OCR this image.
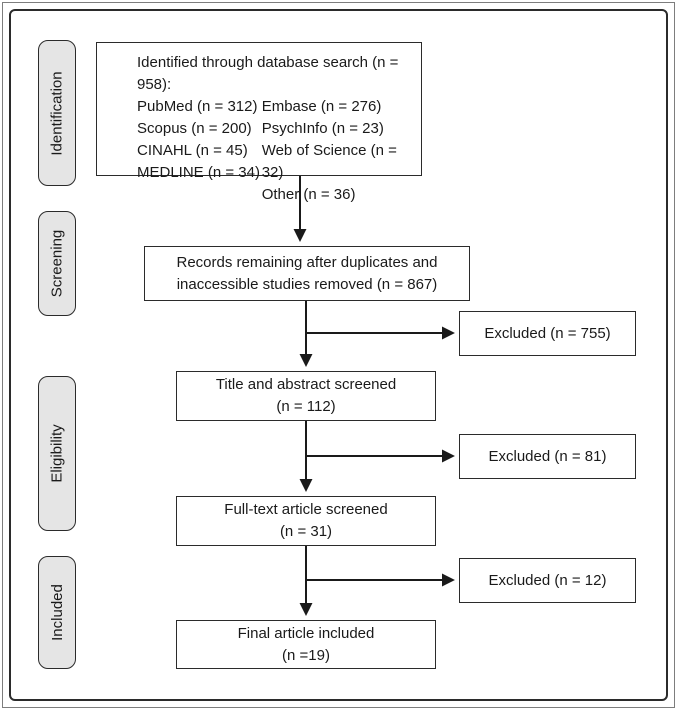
Identification
Screening
Eligibility
Included
Identified through database search (n = 958):
PubMed (n = 312)
Scopus (n = 200)
CINAHL (n = 45)
MEDLINE (n = 34)
Embase (n = 276)
PsychInfo (n = 23)
Web of Science (n = 32)
Other (n = 36)
Records remaining after duplicates and
inaccessible studies removed (n = 867)
Excluded (n = 755)
Title and abstract screened
(n = 112)
Excluded (n = 81)
Full-text article screened
(n = 31)
Excluded (n = 12)
Final article included
(n =19)
